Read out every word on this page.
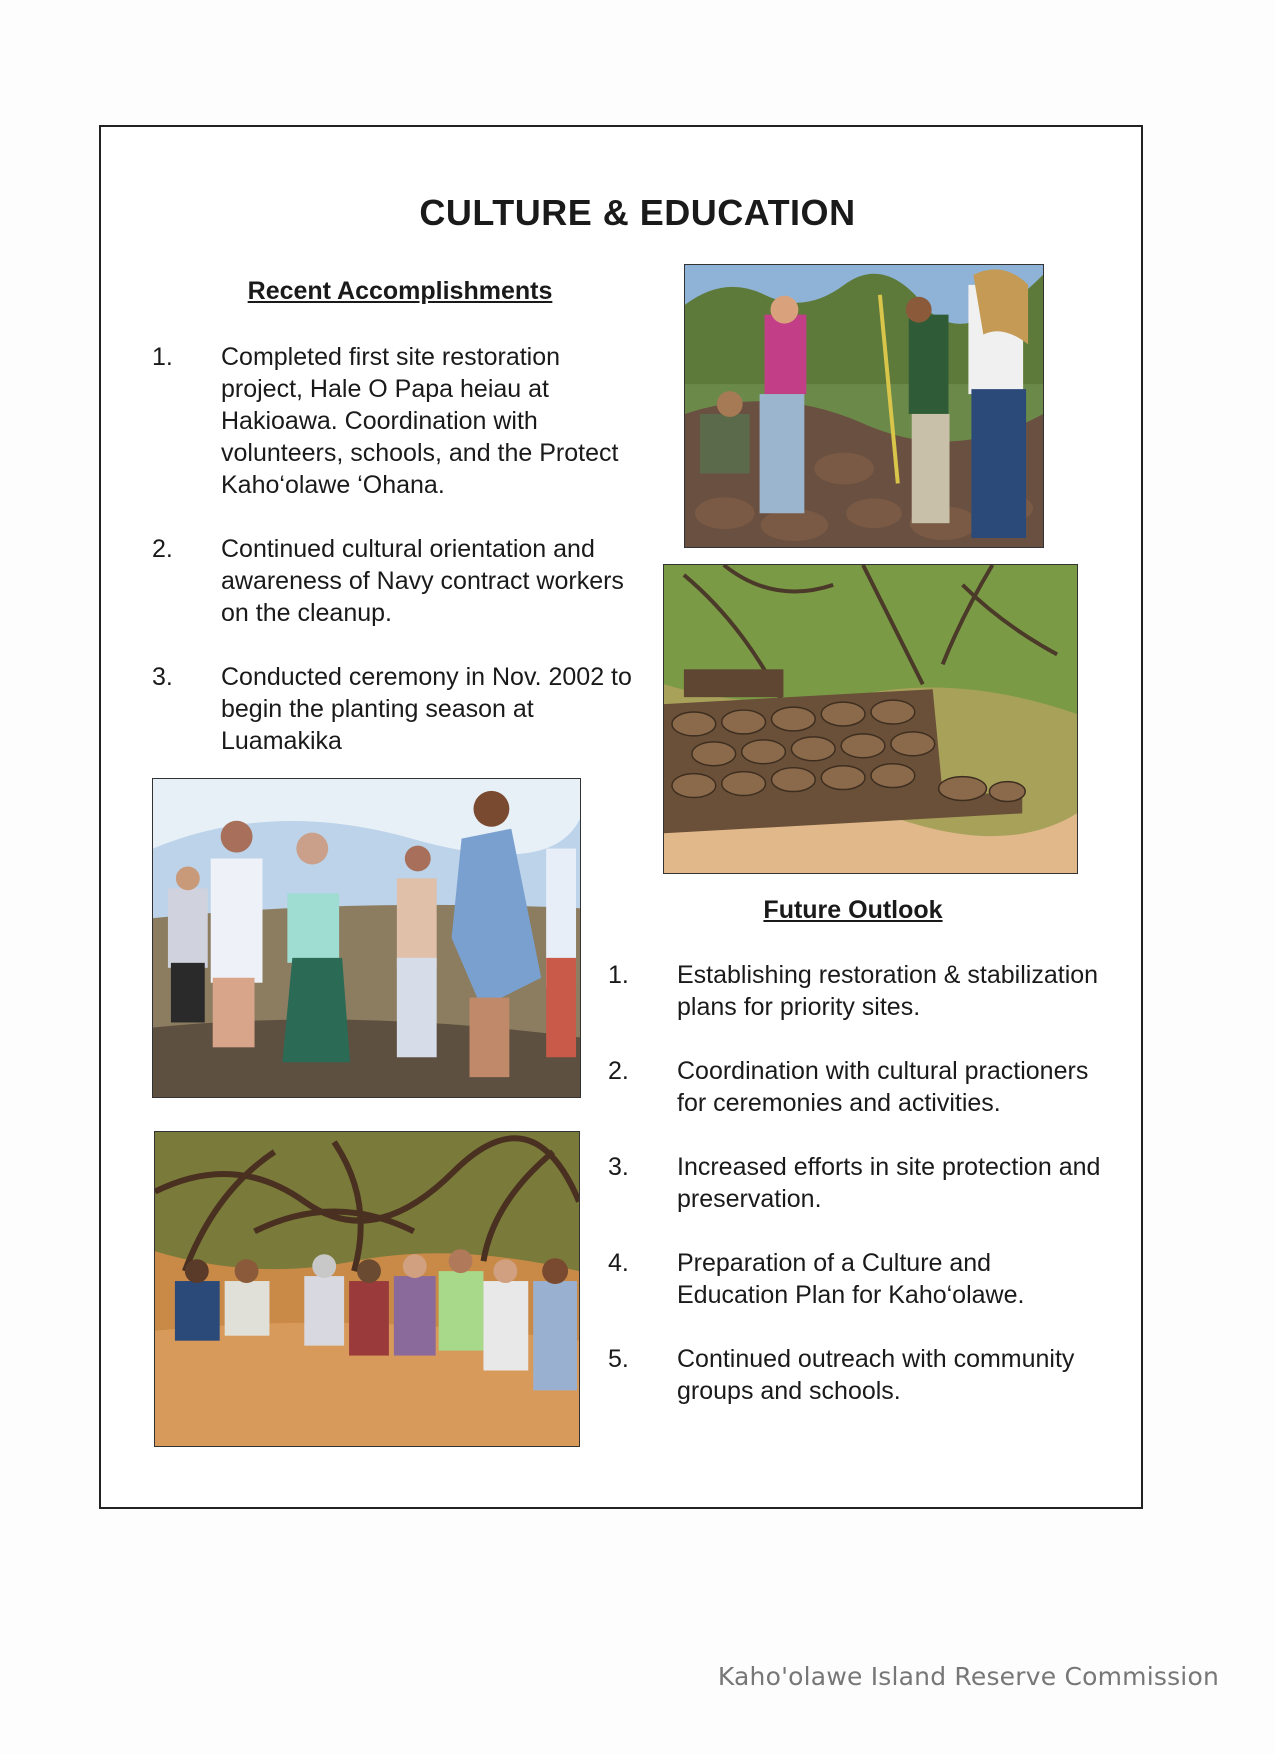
CULTURE & EDUCATION
Recent Accomplishments
1. Completed first site restoration project, Hale O Papa heiau at Hakioawa. Coordination with volunteers, schools, and the Protect Kaho‘olawe ‘Ohana.
2. Continued cultural orientation and awareness of Navy contract workers on the cleanup.
3. Conducted ceremony in Nov. 2002 to begin the planting season at Luamakika
Future Outlook
1. Establishing restoration & stabilization plans for priority sites.
2. Coordination with cultural practioners for ceremonies and activities.
3. Increased efforts in site protection and preservation.
4. Preparation of a Culture and Education Plan for Kaho‘olawe.
5. Continued outreach with community groups and schools.
Kaho'olawe Island Reserve Commission
